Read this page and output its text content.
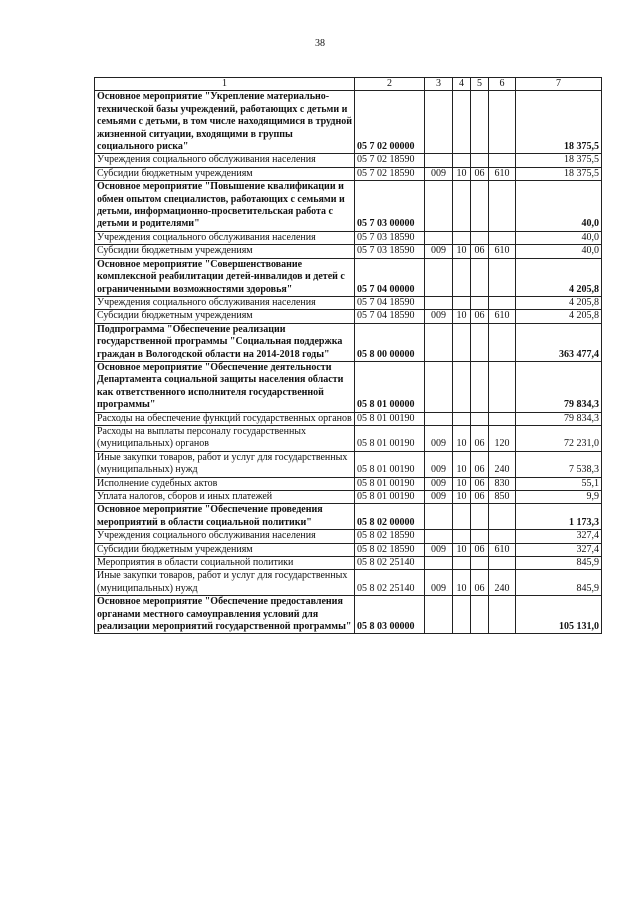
38
1	2	3	4	5	6	7
Основное мероприятие "Укрепление материально-технической базы учреждений, работающих с детьми и семьями с детьми, в том числе находящимися в трудной жизненной ситуации, входящими в группы социального риска"	05 7 02 00000					18 375,5
Учреждения социального обслуживания населения	05 7 02 18590					18 375,5
Субсидии бюджетным учреждениям	05 7 02 18590	009	10	06	610	18 375,5
Основное мероприятие "Повышение квалификации и обмен опытом специалистов, работающих с семьями и детьми, информационно-просветительская работа с детьми и родителями"	05 7 03 00000					40,0
Учреждения социального обслуживания населения	05 7 03 18590					40,0
Субсидии бюджетным учреждениям	05 7 03 18590	009	10	06	610	40,0
Основное мероприятие "Совершенствование комплексной реабилитации детей-инвалидов и детей с ограниченными возможностями здоровья"	05 7 04 00000					4 205,8
Учреждения социального обслуживания населения	05 7 04 18590					4 205,8
Субсидии бюджетным учреждениям	05 7 04 18590	009	10	06	610	4 205,8
Подпрограмма "Обеспечение реализации государственной программы "Социальная поддержка граждан в Вологодской области на 2014-2018 годы"	05 8 00 00000					363 477,4
Основное мероприятие "Обеспечение деятельности Департамента социальной защиты населения области как ответственного исполнителя государственной программы"	05 8 01 00000					79 834,3
Расходы на обеспечение функций государственных органов	05 8 01 00190					79 834,3
Расходы на выплаты персоналу государственных (муниципальных) органов	05 8 01 00190	009	10	06	120	72 231,0
Иные закупки товаров, работ и услуг для государственных (муниципальных) нужд	05 8 01 00190	009	10	06	240	7 538,3
Исполнение судебных актов	05 8 01 00190	009	10	06	830	55,1
Уплата налогов, сборов и иных платежей	05 8 01 00190	009	10	06	850	9,9
Основное мероприятие "Обеспечение проведения мероприятий в области социальной политики"	05 8 02 00000					1 173,3
Учреждения социального обслуживания населения	05 8 02 18590					327,4
Субсидии бюджетным учреждениям	05 8 02 18590	009	10	06	610	327,4
Мероприятия в области социальной политики	05 8 02 25140					845,9
Иные закупки товаров, работ и услуг для государственных (муниципальных) нужд	05 8 02 25140	009	10	06	240	845,9
Основное мероприятие "Обеспечение предоставления органами местного самоуправления условий для реализации мероприятий государственной программы"	05 8 03 00000					105 131,0
